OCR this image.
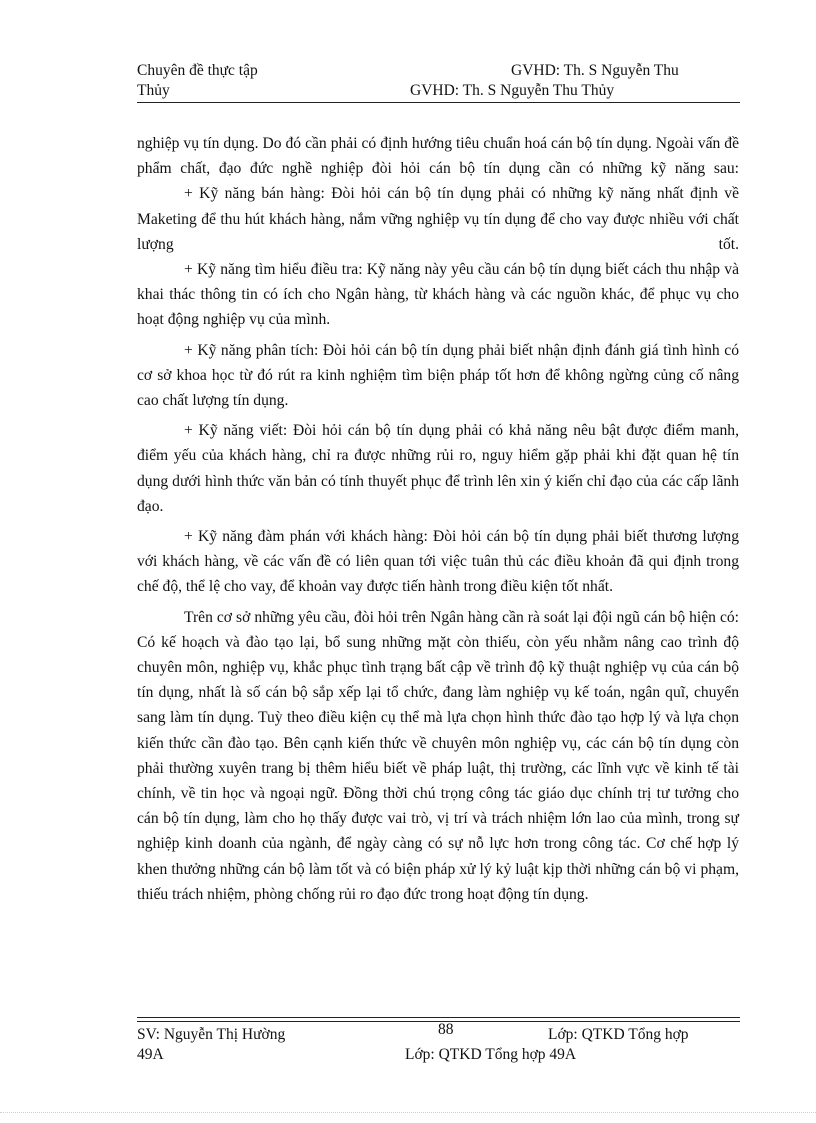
Chuyên đề thực tập	GVHD: Th. S Nguyễn Thu
Thủy	GVHD: Th. S Nguyễn Thu Thủy

nghiệp vụ tín dụng. Do đó cần phải có định hướng tiêu chuẩn hoá cán bộ tín dụng. Ngoài vấn đề phẩm chất, đạo đức nghề nghiệp đòi hỏi cán bộ tín dụng cần có những kỹ năng sau:

+ Kỹ năng bán hàng: Đòi hỏi cán bộ tín dụng phải có những kỹ năng nhất định về Maketing để thu hút khách hàng, nắm vững nghiệp vụ tín dụng để cho vay được nhiều với chất lượng tốt.

+ Kỹ năng tìm hiểu điều tra: Kỹ năng này yêu cầu cán bộ tín dụng biết cách thu nhập và khai thác thông tin có ích cho Ngân hàng, từ khách hàng và các nguồn khác, để phục vụ cho hoạt động nghiệp vụ của mình.

+ Kỹ năng phân tích: Đòi hỏi cán bộ tín dụng phải biết nhận định đánh giá tình hình có cơ sở khoa học từ đó rút ra kinh nghiệm tìm biện pháp tốt hơn để không ngừng củng cố nâng cao chất lượng tín dụng.

+ Kỹ năng viết: Đòi hỏi cán bộ tín dụng phải có khả năng nêu bật được điểm manh, điểm yếu của khách hàng, chỉ ra được những rủi ro, nguy hiểm gặp phải khi đặt quan hệ tín dụng dưới hình thức văn bản có tính thuyết phục để trình lên xin ý kiến chỉ đạo của các cấp lãnh đạo.

+ Kỹ năng đàm phán với khách hàng: Đòi hỏi cán bộ tín dụng phải biết thương lượng với khách hàng, về các vấn đề có liên quan tới việc tuân thủ các điều khoản đã qui định trong chế độ, thể lệ cho vay, để khoản vay được tiến hành trong điều kiện tốt nhất.

Trên cơ sở những yêu cầu, đòi hỏi trên Ngân hàng cần rà soát lại đội ngũ cán bộ hiện có: Có kế hoạch và đào tạo lại, bổ sung những mặt còn thiếu, còn yếu nhằm nâng cao trình độ chuyên môn, nghiệp vụ, khắc phục tình trạng bất cập về trình độ kỹ thuật nghiệp vụ của cán bộ tín dụng, nhất là số cán bộ sắp xếp lại tổ chức, đang làm nghiệp vụ kế toán, ngân quĩ, chuyển sang làm tín dụng. Tuỳ theo điều kiện cụ thể mà lựa chọn hình thức đào tạo hợp lý và lựa chọn kiến thức cần đào tạo. Bên cạnh kiến thức về chuyên môn nghiệp vụ, các cán bộ tín dụng còn phải thường xuyên trang bị thêm hiểu biết về pháp luật, thị trường, các lĩnh vực về kinh tế tài chính, về tin học và ngoại ngữ. Đồng thời chú trọng công tác giáo dục chính trị tư tưởng cho cán bộ tín dụng, làm cho họ thấy được vai trò, vị trí và trách nhiệm lớn lao của mình, trong sự nghiệp kinh doanh của ngành, để ngày càng có sự nỗ lực hơn trong công tác. Cơ chế hợp lý khen thưởng những cán bộ làm tốt và có biện pháp xử lý kỷ luật kịp thời những cán bộ vi phạm, thiếu trách nhiệm, phòng chống rủi ro đạo đức trong hoạt động tín dụng.

SV: Nguyễn Thị Hường	88	Lớp: QTKD Tổng hợp
49A	Lớp: QTKD Tổng hợp 49A
